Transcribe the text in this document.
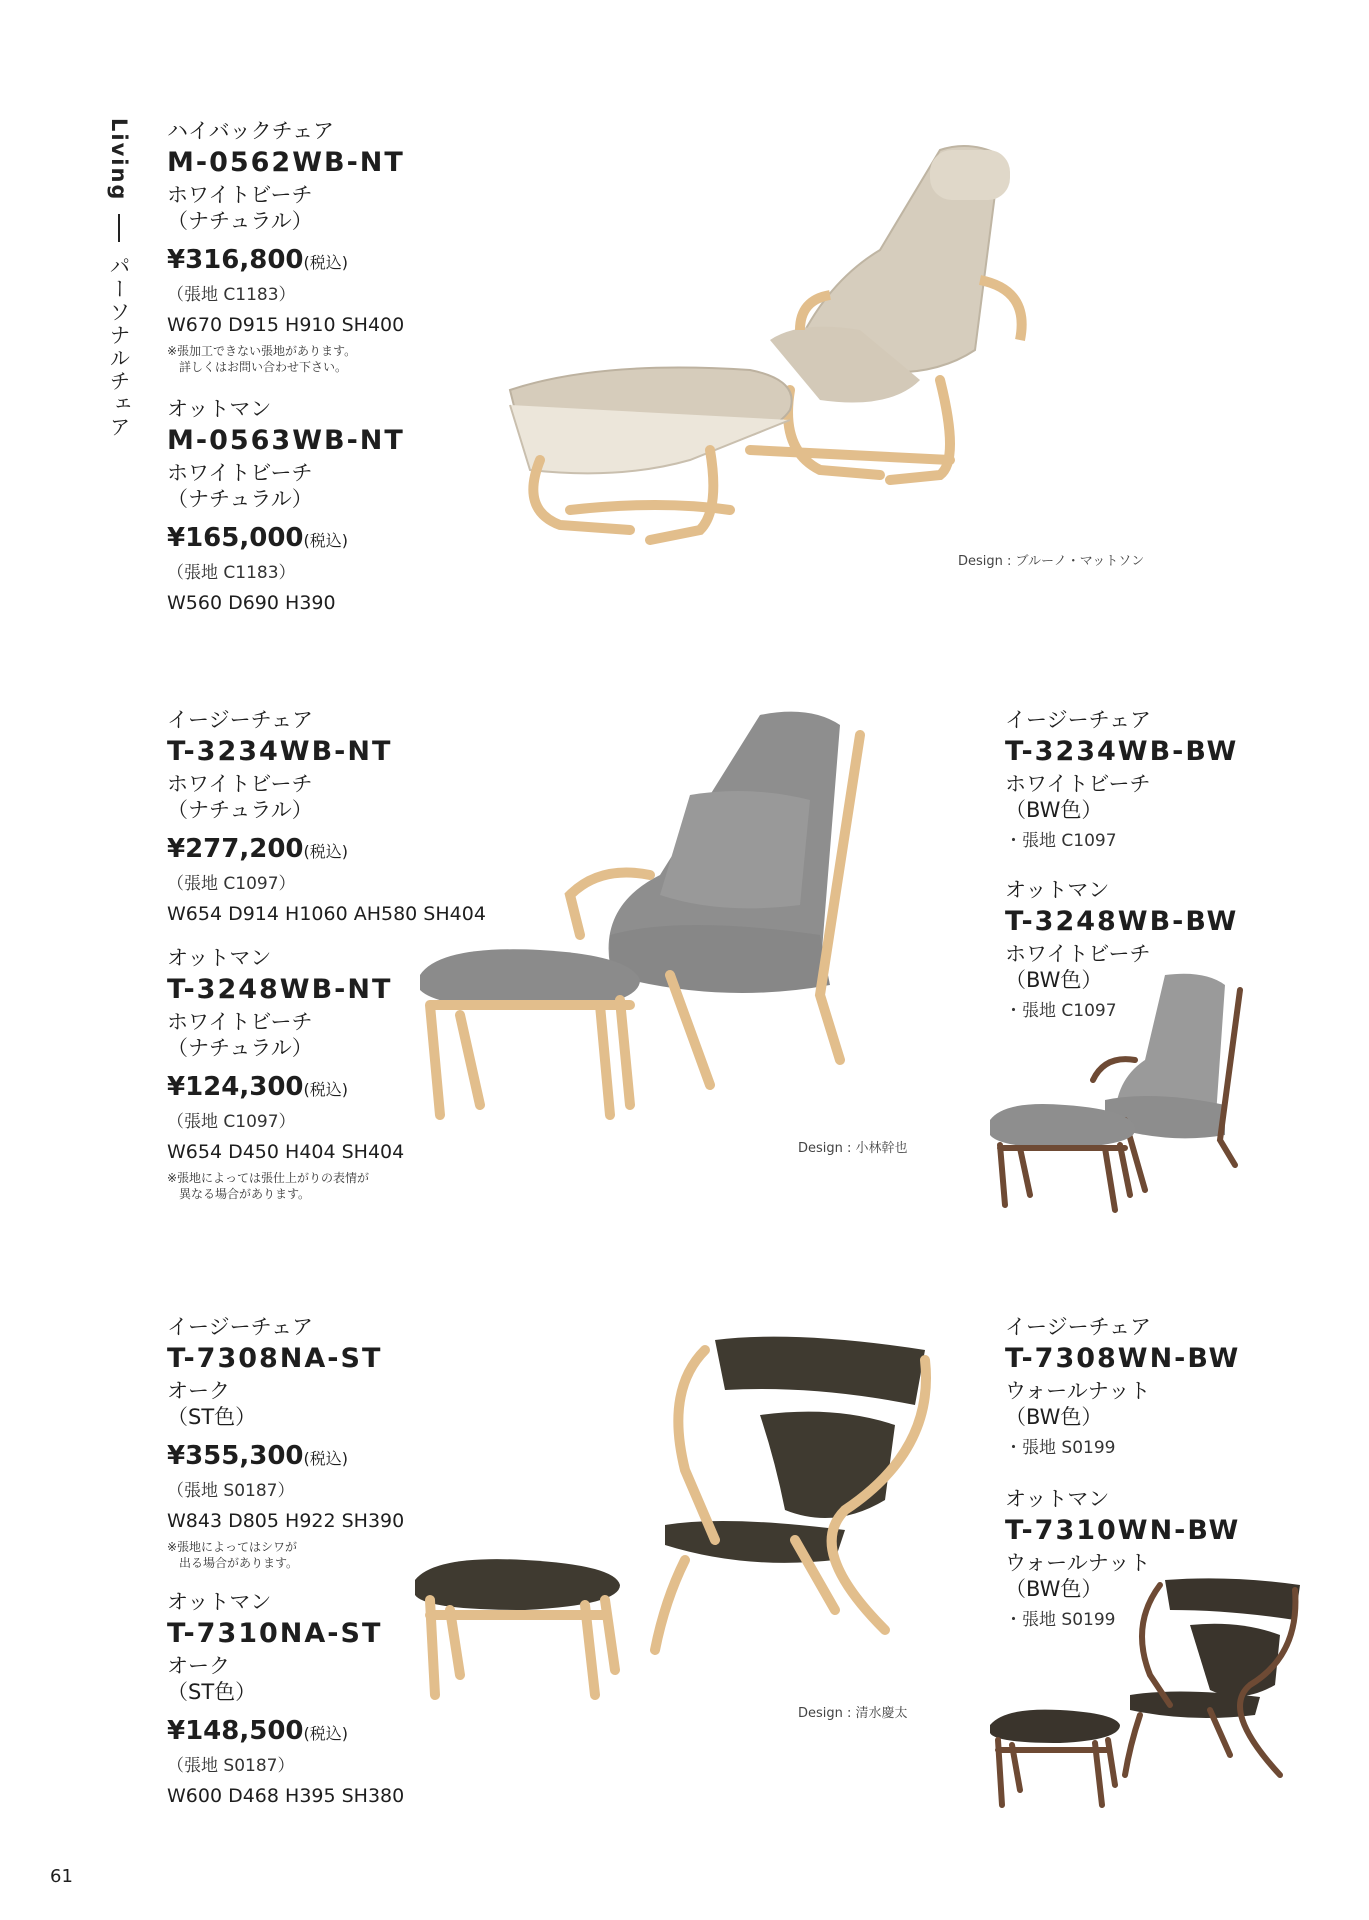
Living  パーソナルチェア
ハイバックチェア
M-0562WB-NT
ホワイトビーチ
（ナチュラル）
¥316,800(税込)
（張地 C1183）
W670 D915 H910 SH400
※張加工できない張地があります。
詳しくはお問い合わせ下さい。
オットマン
M-0563WB-NT
ホワイトビーチ
（ナチュラル）
¥165,000(税込)
（張地 C1183）
W560 D690 H390
Design : ブルーノ・マットソン
イージーチェア
T-3234WB-NT
ホワイトビーチ
（ナチュラル）
¥277,200(税込)
（張地 C1097）
W654 D914 H1060 AH580 SH404
オットマン
T-3248WB-NT
ホワイトビーチ
（ナチュラル）
¥124,300(税込)
（張地 C1097）
W654 D450 H404 SH404
※張地によっては張仕上がりの表情が
異なる場合があります。
Design : 小林幹也
イージーチェア
T-3234WB-BW
ホワイトビーチ
（BW色）
・張地 C1097
オットマン
T-3248WB-BW
ホワイトビーチ
（BW色）
・張地 C1097
イージーチェア
T-7308NA-ST
オーク
（ST色）
¥355,300(税込)
（張地 S0187）
W843 D805 H922 SH390
※張地によってはシワが
出る場合があります。
オットマン
T-7310NA-ST
オーク
（ST色）
¥148,500(税込)
（張地 S0187）
W600 D468 H395 SH380
Design : 清水慶太
イージーチェア
T-7308WN-BW
ウォールナット
（BW色）
・張地 S0199
オットマン
T-7310WN-BW
ウォールナット
（BW色）
・張地 S0199
61
